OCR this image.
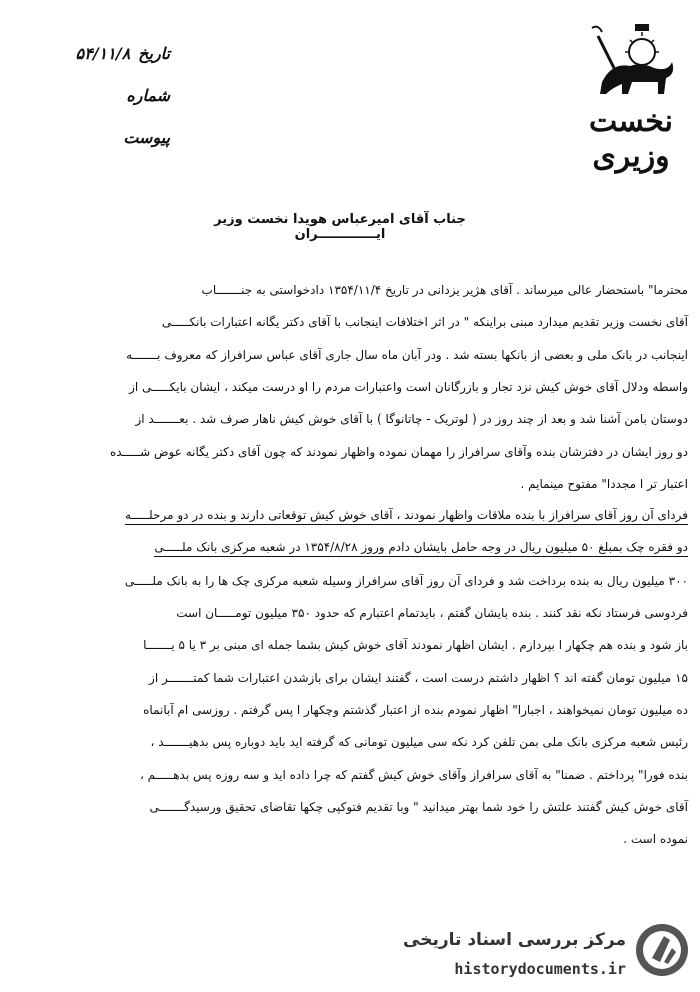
نخست وزیری
تاریخ
۵۴/۱۱/۸
شماره
پیوست
جناب آقای امیرعباس هویدا نخست وزیر ایـــــــــــــران
محترما" باستحضار عالی میرساند . آقای هژیر یزدانی در تاریخ ۱۳۵۴/۱۱/۴ دادخواستی به جنـــــــاب
آقای نخست وزیر تقدیم میدارد مبنی براینکه " در اثر اختلافات اینجانب با آقای دکتر یگانه اعتبارات بانکـــــی
اینجانب در بانک ملی و بعضی از بانکها بسته شد . ودر آبان ماه سال جاری آقای عباس سرافراز که معروف بـــــــه
واسطه ودلال آقای خوش کیش نزد تجار و بازرگانان است واعتبارات مردم را او درست میکند ، ایشان بایکـــــی از
دوستان بامن آشنا شد و بعد از چند روز در ( لوتریک - چاتانوگا ) با آقای خوش کیش ناهار صرف شد . بعـــــــد از
دو روز ایشان در دفترشان بنده وآقای سرافراز را مهمان نموده واظهار نمودند که چون آقای دکتر یگانه عوض شـــــده
اعتبار تر ا مجددا" مفتوح مینمایم .
فردای آن روز آقای سرافراز با بنده ملاقات واظهار نمودند ، آقای خوش کیش توقعاتی دارند و بنده در دو مرحلـــــه
دو فقره چک بمبلغ ۵۰ میلیون ریال در وجه حامل بایشان دادم وروز ۱۳۵۴/۸/۲۸ در شعبه مرکزی بانک ملـــــی
۳۰۰ میلیون ریال به بنده برداخت شد و فردای آن روز آقای سرافراز وسیله شعبه مرکزی چک ها را به بانک ملـــــی
فردوسی فرستاد نکه نقد کنند . بنده بایشان گفتم ، بایدتمام اعتبارم که حدود ۳۵۰ میلیون تومـــــان است
باز شود و بنده هم چکهار ا بپردازم . ایشان اظهار نمودند آقای خوش کیش بشما جمله ای مبنی بر ۳ یا ۵ یـــــــا
۱۵ میلیون تومان گفته اند ؟ اظهار داشتم درست است ، گفتند ایشان برای بازشدن اعتبارات شما کمتـــــــر از
ده میلیون تومان نمیخواهند ، اجبارا" اظهار نمودم بنده از اعتبار گذشتم وچکهار ا پس گرفتم . روزسی ام آبانماه
رئیس شعبه مرکزی بانک ملی بمن تلفن کرد نکه سی میلیون تومانی که گرفته اید باید دوباره پس بدهیـــــــد ،
بنده فورا" پرداختم . ضمنا" به آقای سرافراز وآقای خوش کیش گفتم که چرا داده اید و سه روزه پس بدهـــــم ،
آقای خوش کیش گفتند علتش را خود شما بهتر میدانید " وبا تقدیم فتوکپی چکها تقاضای تحقیق ورسیدگـــــــی
نموده است .
مرکز بررسی اسناد تاریخی
historydocuments.ir
